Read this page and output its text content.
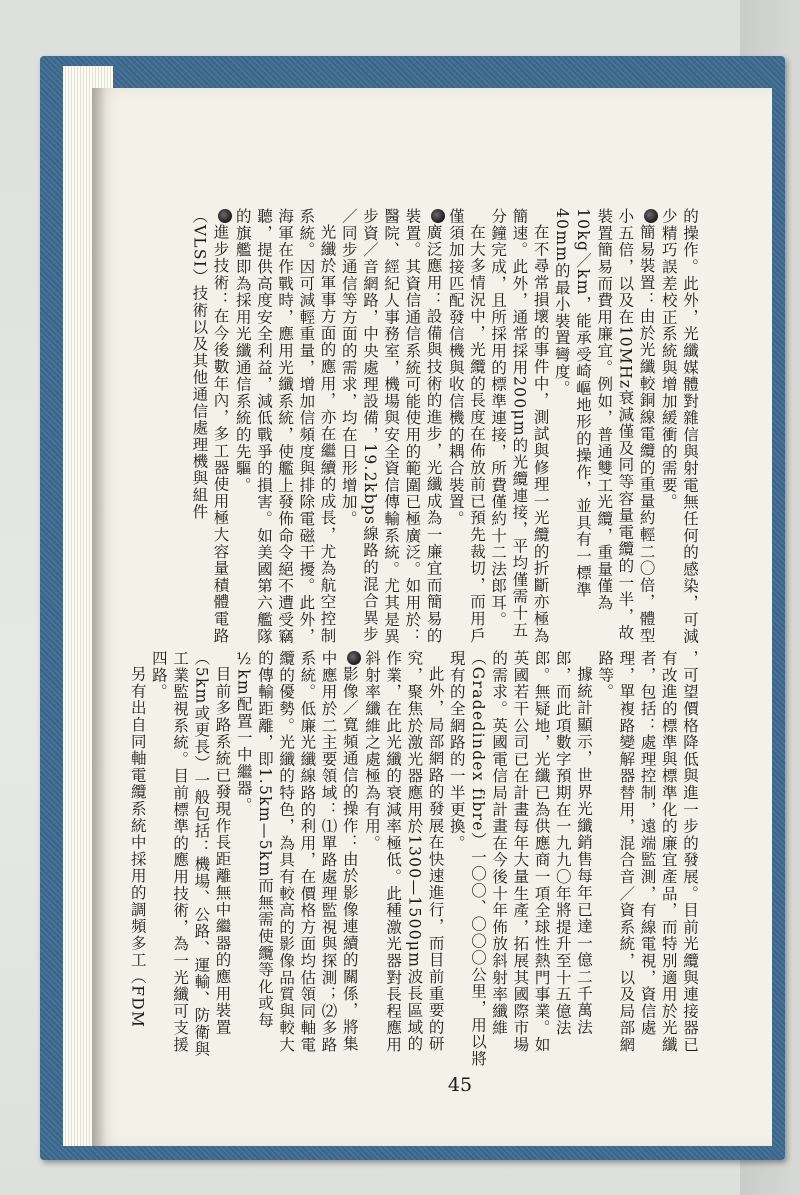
的操作。此外，光纖媒體對雜信與射電無任何的感染，可減少精巧誤差校正系統與增加緩衝的需要。

簡易裝置：由於光纖較銅線電纜的重量約輕二〇倍，體型小五倍，以及在10MHz衰減僅及同等容量電纜的一半，故裝置簡易而費用廉宜。例如，普通雙工光纜，重量僅為10kg／km，能承受崎嶇地形的操作，並具有一標準40mm的最小裝置彎度。

在不尋常損壞的事件中，測試與修理一光纜的折斷亦極為簡速。此外，通常採用200μm的光纜連接，平均僅需十五分鐘完成，且所採用的標準連接，所費僅約十二法郎耳。

在大多情況中，光纜的長度在佈放前已預先裁切，而用戶僅須加接匹配發信機與收信機的耦合裝置。

廣泛應用：設備與技術的進步，光纖成為一廉宜而簡易的裝置。其資信通信系統可能使用的範圍已極廣泛。如用於：醫院、經紀人事務室，機場與安全資信傳輸系統。尤其是異步資／音網路，中央處理設備，19.2kbps線路的混合異步／同步通信等方面的需求，均在日形增加。

光纖於軍事方面的應用，亦在繼續的成長，尤為航空控制系統。因可減輕重量，增加信頻度與排除電磁干擾。此外，海軍在作戰時，應用光纖系統，使艦上發佈命令絕不遭受竊聽，提供高度安全利益，減低戰爭的損害。如美國第六艦隊的旗艦即為採用光纖通信系統的先驅。

進步技術：在今後數年內，多工器使用極大容量積體電路（VLSI）技術以及其他通信處理機與組件

，可望價格降低與進一步的發展。目前光纜與連接器已有改進的標準與標準化的廉宜產品，而特別適用於光纖者，包括：處理控制，遠端監測，有線電視，資信處理，單複路變解器替用，混合音／資系統，以及局部網路等。

據統計顯示，世界光纖銷售每年已達一億二千萬法郎，而此項數字預期在一九九〇年將提升至十五億法郎。無疑地，光纖已為供應商一項全球性熱門事業。如英國若干公司已在計畫每年大量生產，拓展其國際市場的需求。英國電信局計畫在今後十年佈放斜射率纖維（Gradedindex fibre）一〇〇、〇〇〇公里，用以將現有的全網路的一半更換。

此外，局部網路的發展在快速進行，而目前重要的研究，聚焦於激光器應用於1300—1500μm波長區域的作業，在此光纖的衰減率極低。此種激光器對長程應用斜射率纖維之處極為有用。

影像／寬頻通信的操作：由於影像連續的關係，將集中應用於二主要領域：⑴單路處理監視與探測；⑵多路系統。低廉光纖線路的利用，在價格方面均估領同軸電纜的優勢。光纖的特色，為具有較高的影像品質與較大的傳輸距離，即1.5km—5km而無需使纜等化或每½km配置一中繼器。

目前多路系統已發現作長距離無中繼器的應用裝置（5km或更長）一般包括：機場、公路、運輸、防衛與工業監視系統。目前標準的應用技術，為一光纖可支援四路。

另有出自同軸電纜系統中採用的調頻多工（FDM

45
